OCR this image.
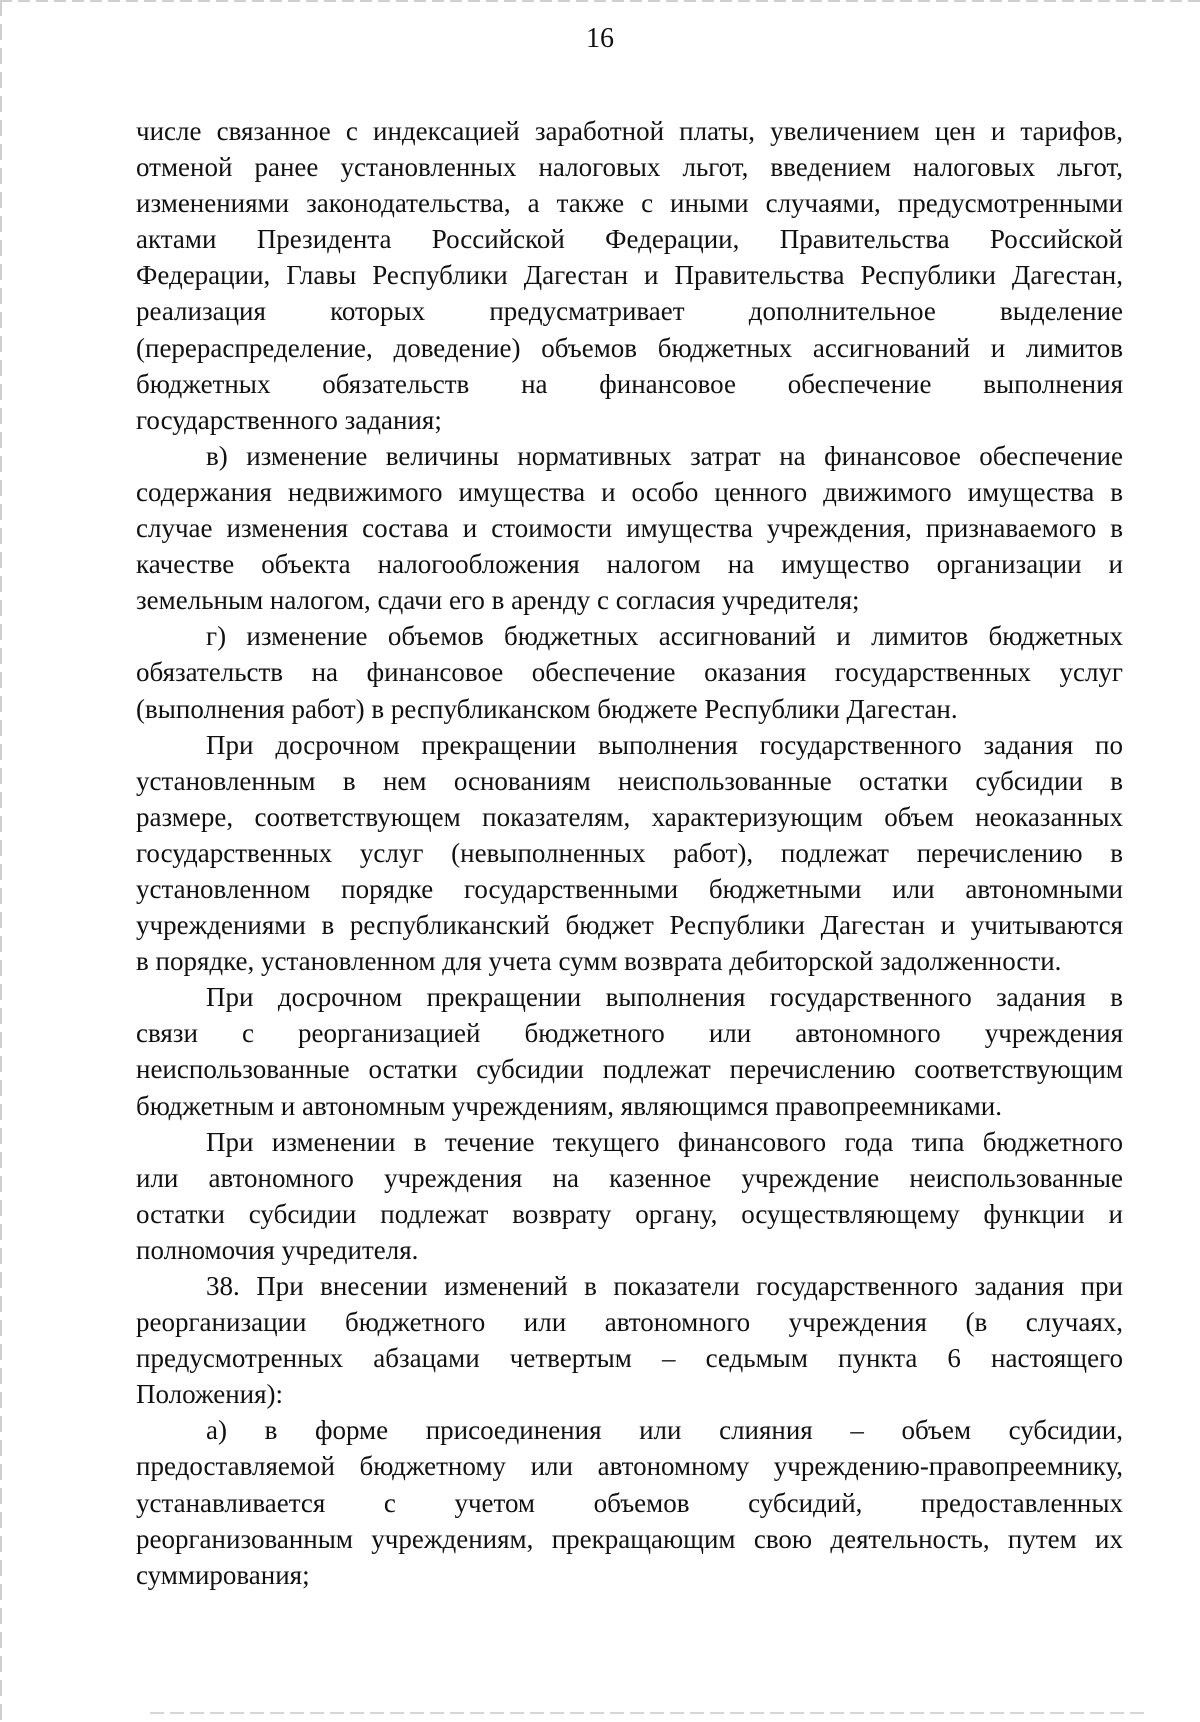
16
числе связанное с индексацией заработной платы, увеличением цен и тарифов,
отменой ранее установленных налоговых льгот, введением налоговых льгот,
изменениями законодательства, а также с иными случаями, предусмотренными
актами Президента Российской Федерации, Правительства Российской
Федерации, Главы Республики Дагестан и Правительства Республики Дагестан,
реализация которых предусматривает дополнительное выделение
(перераспределение, доведение) объемов бюджетных ассигнований и лимитов
бюджетных обязательств на финансовое обеспечение выполнения
государственного задания;
в) изменение величины нормативных затрат на финансовое обеспечение
содержания недвижимого имущества и особо ценного движимого имущества в
случае изменения состава и стоимости имущества учреждения, признаваемого в
качестве объекта налогообложения налогом на имущество организации и
земельным налогом, сдачи его в аренду с согласия учредителя;
г) изменение объемов бюджетных ассигнований и лимитов бюджетных
обязательств на финансовое обеспечение оказания государственных услуг
(выполнения работ) в республиканском бюджете Республики Дагестан.
При досрочном прекращении выполнения государственного задания по
установленным в нем основаниям неиспользованные остатки субсидии в
размере, соответствующем показателям, характеризующим объем неоказанных
государственных услуг (невыполненных работ), подлежат перечислению в
установленном порядке государственными бюджетными или автономными
учреждениями в республиканский бюджет Республики Дагестан и учитываются
в порядке, установленном для учета сумм возврата дебиторской задолженности.
При досрочном прекращении выполнения государственного задания в
связи с реорганизацией бюджетного или автономного учреждения
неиспользованные остатки субсидии подлежат перечислению соответствующим
бюджетным и автономным учреждениям, являющимся правопреемниками.
При изменении в течение текущего финансового года типа бюджетного
или автономного учреждения на казенное учреждение неиспользованные
остатки субсидии подлежат возврату органу, осуществляющему функции и
полномочия учредителя.
38. При внесении изменений в показатели государственного задания при
реорганизации бюджетного или автономного учреждения (в случаях,
предусмотренных абзацами четвертым – седьмым пункта 6 настоящего
Положения):
а) в форме присоединения или слияния – объем субсидии,
предоставляемой бюджетному или автономному учреждению-правопреемнику,
устанавливается с учетом объемов субсидий, предоставленных
реорганизованным учреждениям, прекращающим свою деятельность, путем их
суммирования;
